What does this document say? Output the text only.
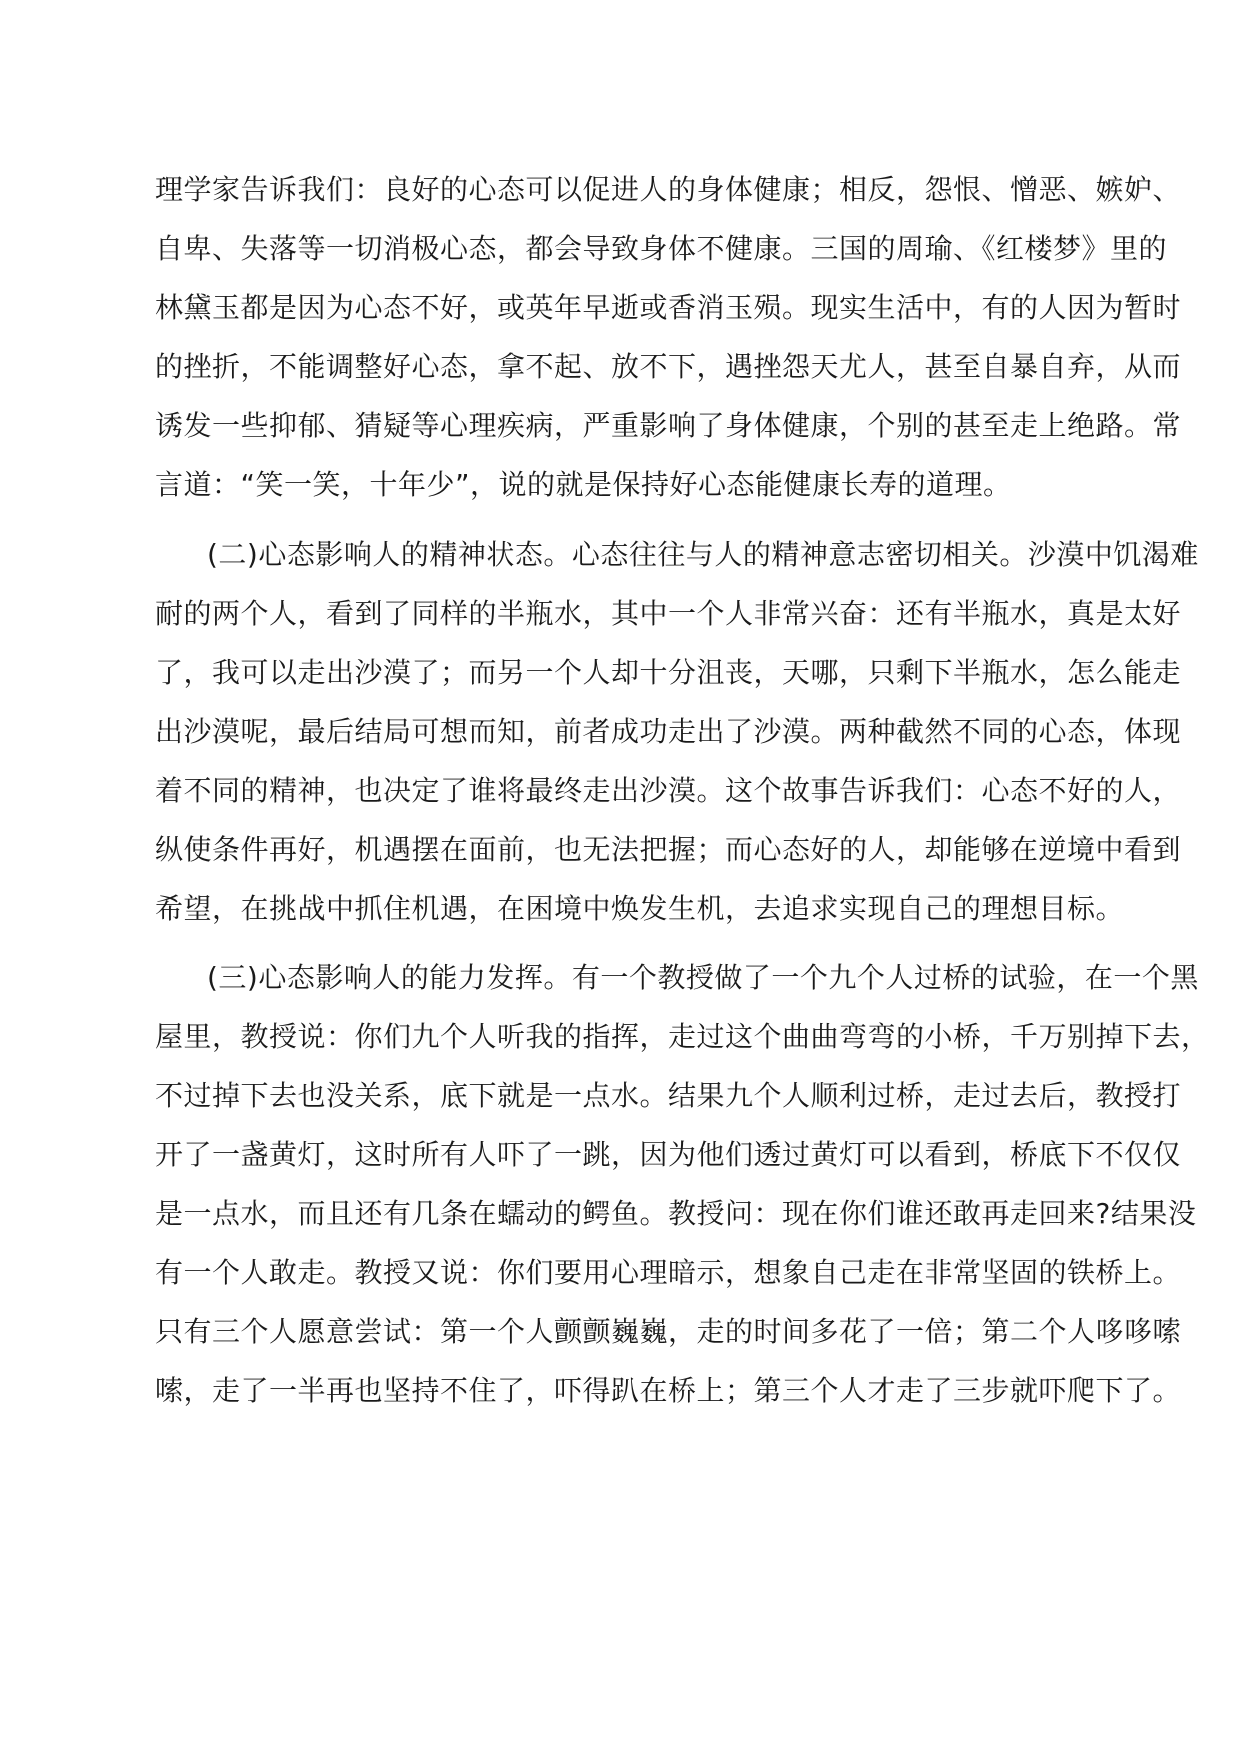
理学家告诉我们：良好的心态可以促进人的身体健康；相反，怨恨、憎恶、嫉妒、
自卑、失落等一切消极心态，都会导致身体不健康。三国的周瑜、《红楼梦》里的
林黛玉都是因为心态不好，或英年早逝或香消玉殒。现实生活中，有的人因为暂时
的挫折，不能调整好心态，拿不起、放不下，遇挫怨天尤人，甚至自暴自弃，从而
诱发一些抑郁、猜疑等心理疾病，严重影响了身体健康，个别的甚至走上绝路。常
言道：“笑一笑，十年少”，说的就是保持好心态能健康长寿的道理。
(二)心态影响人的精神状态。心态往往与人的精神意志密切相关。沙漠中饥渴难
耐的两个人，看到了同样的半瓶水，其中一个人非常兴奋：还有半瓶水，真是太好
了，我可以走出沙漠了；而另一个人却十分沮丧，天哪，只剩下半瓶水，怎么能走
出沙漠呢，最后结局可想而知，前者成功走出了沙漠。两种截然不同的心态，体现
着不同的精神，也决定了谁将最终走出沙漠。这个故事告诉我们：心态不好的人，
纵使条件再好，机遇摆在面前，也无法把握；而心态好的人，却能够在逆境中看到
希望，在挑战中抓住机遇，在困境中焕发生机，去追求实现自己的理想目标。
(三)心态影响人的能力发挥。有一个教授做了一个九个人过桥的试验，在一个黑
屋里，教授说：你们九个人听我的指挥，走过这个曲曲弯弯的小桥，千万别掉下去，
不过掉下去也没关系，底下就是一点水。结果九个人顺利过桥，走过去后，教授打
开了一盏黄灯，这时所有人吓了一跳，因为他们透过黄灯可以看到，桥底下不仅仅
是一点水，而且还有几条在蠕动的鳄鱼。教授问：现在你们谁还敢再走回来?结果没
有一个人敢走。教授又说：你们要用心理暗示，想象自己走在非常坚固的铁桥上。
只有三个人愿意尝试：第一个人颤颤巍巍，走的时间多花了一倍；第二个人哆哆嗦
嗦，走了一半再也坚持不住了，吓得趴在桥上；第三个人才走了三步就吓爬下了。
